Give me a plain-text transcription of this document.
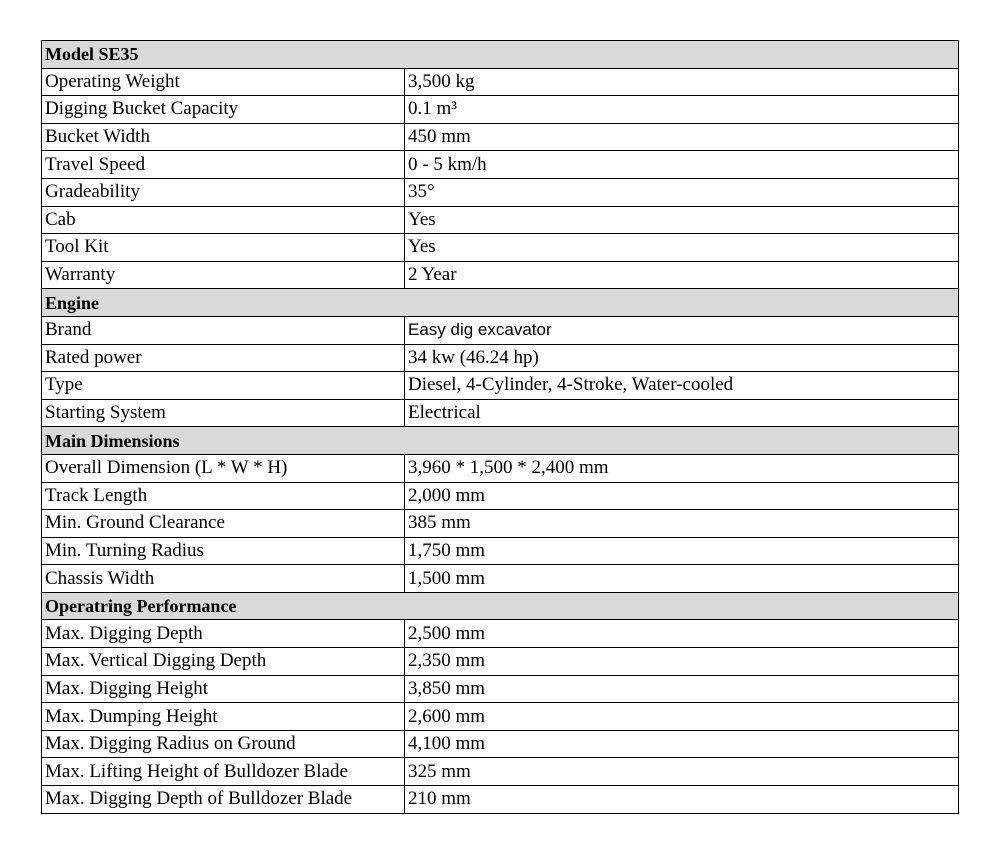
Model SE35	
Operating Weight	3,500 kg
Digging Bucket Capacity	0.1 m³
Bucket Width	450 mm
Travel Speed	0 - 5 km/h
Gradeability	35°
Cab	Yes
Tool Kit	Yes
Warranty	2 Year
Engine	
Brand	Easy dig excavator
Rated power	34 kw (46.24 hp)
Type	Diesel, 4-Cylinder, 4-Stroke, Water-cooled
Starting System	Electrical
Main Dimensions	
Overall Dimension (L * W * H)	3,960 * 1,500 * 2,400 mm
Track Length	2,000 mm
Min. Ground Clearance	385 mm
Min. Turning Radius	1,750 mm
Chassis Width	1,500 mm
Operatring Performance	
Max. Digging Depth	2,500 mm
Max. Vertical Digging Depth	2,350 mm
Max. Digging Height	3,850 mm
Max. Dumping Height	2,600 mm
Max. Digging Radius on Ground	4,100 mm
Max. Lifting Height of Bulldozer Blade	325 mm
Max. Digging Depth of Bulldozer Blade	210 mm
